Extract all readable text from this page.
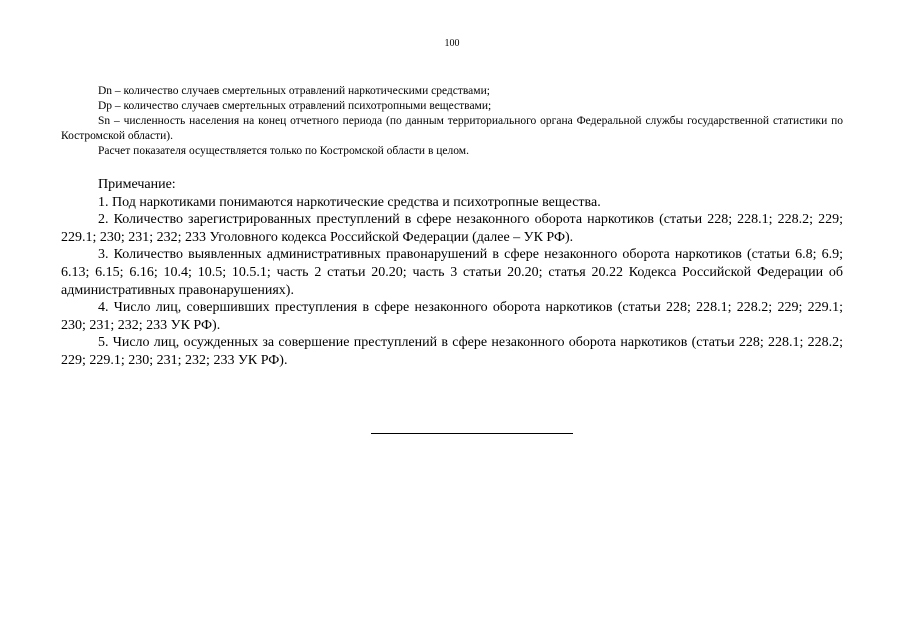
100

Dn – количество случаев смертельных отравлений наркотическими средствами;

Dp – количество случаев смертельных отравлений психотропными веществами;

Sn – численность населения на конец отчетного периода (по данным территориального органа Федеральной службы государственной статистики по Костромской области).

Расчет показателя осуществляется только по Костромской области в целом.

Примечание:

1. Под наркотиками понимаются наркотические средства и психотропные вещества.

2. Количество зарегистрированных преступлений в сфере незаконного оборота наркотиков (статьи 228; 228.1; 228.2; 229; 229.1; 230; 231; 232; 233 Уголовного кодекса Российской Федерации (далее – УК РФ).

3. Количество выявленных административных правонарушений в сфере незаконного оборота наркотиков (статьи 6.8; 6.9; 6.13; 6.15; 6.16; 10.4; 10.5; 10.5.1; часть 2 статьи 20.20; часть 3 статьи 20.20; статья 20.22 Кодекса Российской Федерации об административных правонарушениях).

4. Число лиц, совершивших преступления в сфере незаконного оборота наркотиков (статьи 228; 228.1; 228.2; 229; 229.1; 230; 231; 232; 233 УК РФ).

5. Число лиц, осужденных за совершение преступлений в сфере незаконного оборота наркотиков (статьи 228; 228.1; 228.2; 229; 229.1; 230; 231; 232; 233 УК РФ).
